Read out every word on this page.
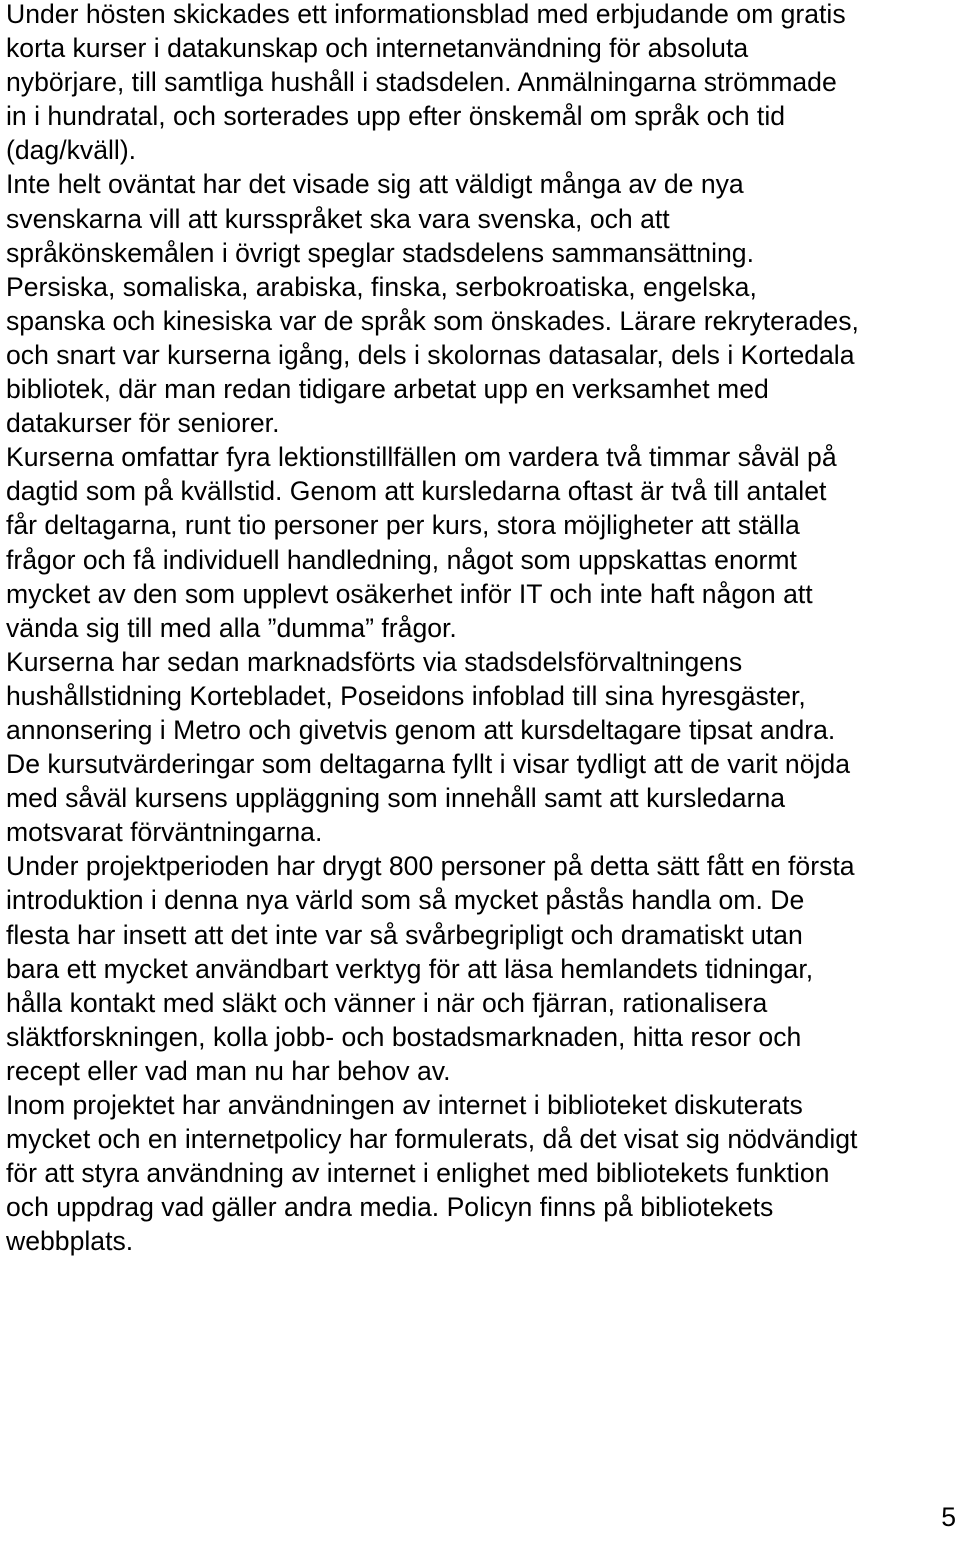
Under hösten skickades ett informationsblad med erbjudande om gratis
korta kurser i datakunskap och internetanvändning för absoluta
nybörjare, till samtliga hushåll i stadsdelen. Anmälningarna strömmade
in i hundratal, och sorterades upp efter önskemål om språk och tid
(dag/kväll).

Inte helt oväntat har det visade sig att väldigt många av de nya
svenskarna vill att kursspråket ska vara svenska, och att
språkönskemålen i övrigt speglar stadsdelens sammansättning.

Persiska, somaliska, arabiska, finska, serbokroatiska, engelska,
spanska och kinesiska var de språk som önskades. Lärare rekryterades,
och snart var kurserna igång, dels i skolornas datasalar, dels i Kortedala
bibliotek, där man redan tidigare arbetat upp en verksamhet med
datakurser för seniorer.

Kurserna omfattar fyra lektionstillfällen om vardera två timmar såväl på
dagtid som på kvällstid. Genom att kursledarna oftast är två till antalet
får deltagarna, runt tio personer per kurs, stora möjligheter att ställa
frågor och få individuell handledning, något som uppskattas enormt
mycket av den som upplevt osäkerhet inför IT och inte haft någon att
vända sig till med alla ”dumma” frågor.

Kurserna har sedan marknadsförts via stadsdelsförvaltningens
hushållstidning Kortebladet, Poseidons infoblad till sina hyresgäster,
annonsering i Metro och givetvis genom att kursdeltagare tipsat andra.

De kursutvärderingar som deltagarna fyllt i visar tydligt att de varit nöjda
med såväl kursens uppläggning som innehåll samt att kursledarna
motsvarat förväntningarna.

Under projektperioden har drygt 800 personer på detta sätt fått en första
introduktion i denna nya värld som så mycket påstås handla om. De
flesta har insett att det inte var så svårbegripligt och dramatiskt utan
bara ett mycket användbart verktyg för att läsa hemlandets tidningar,
hålla kontakt med släkt och vänner i när och fjärran, rationalisera
släktforskningen, kolla jobb- och bostadsmarknaden, hitta resor och
recept eller vad man nu har behov av.

Inom projektet har användningen av internet i biblioteket diskuterats
mycket och en internetpolicy har formulerats, då det visat sig nödvändigt
för att styra användning av internet i enlighet med bibliotekets funktion
och uppdrag vad gäller andra media. Policyn finns på bibliotekets
webbplats.

5
